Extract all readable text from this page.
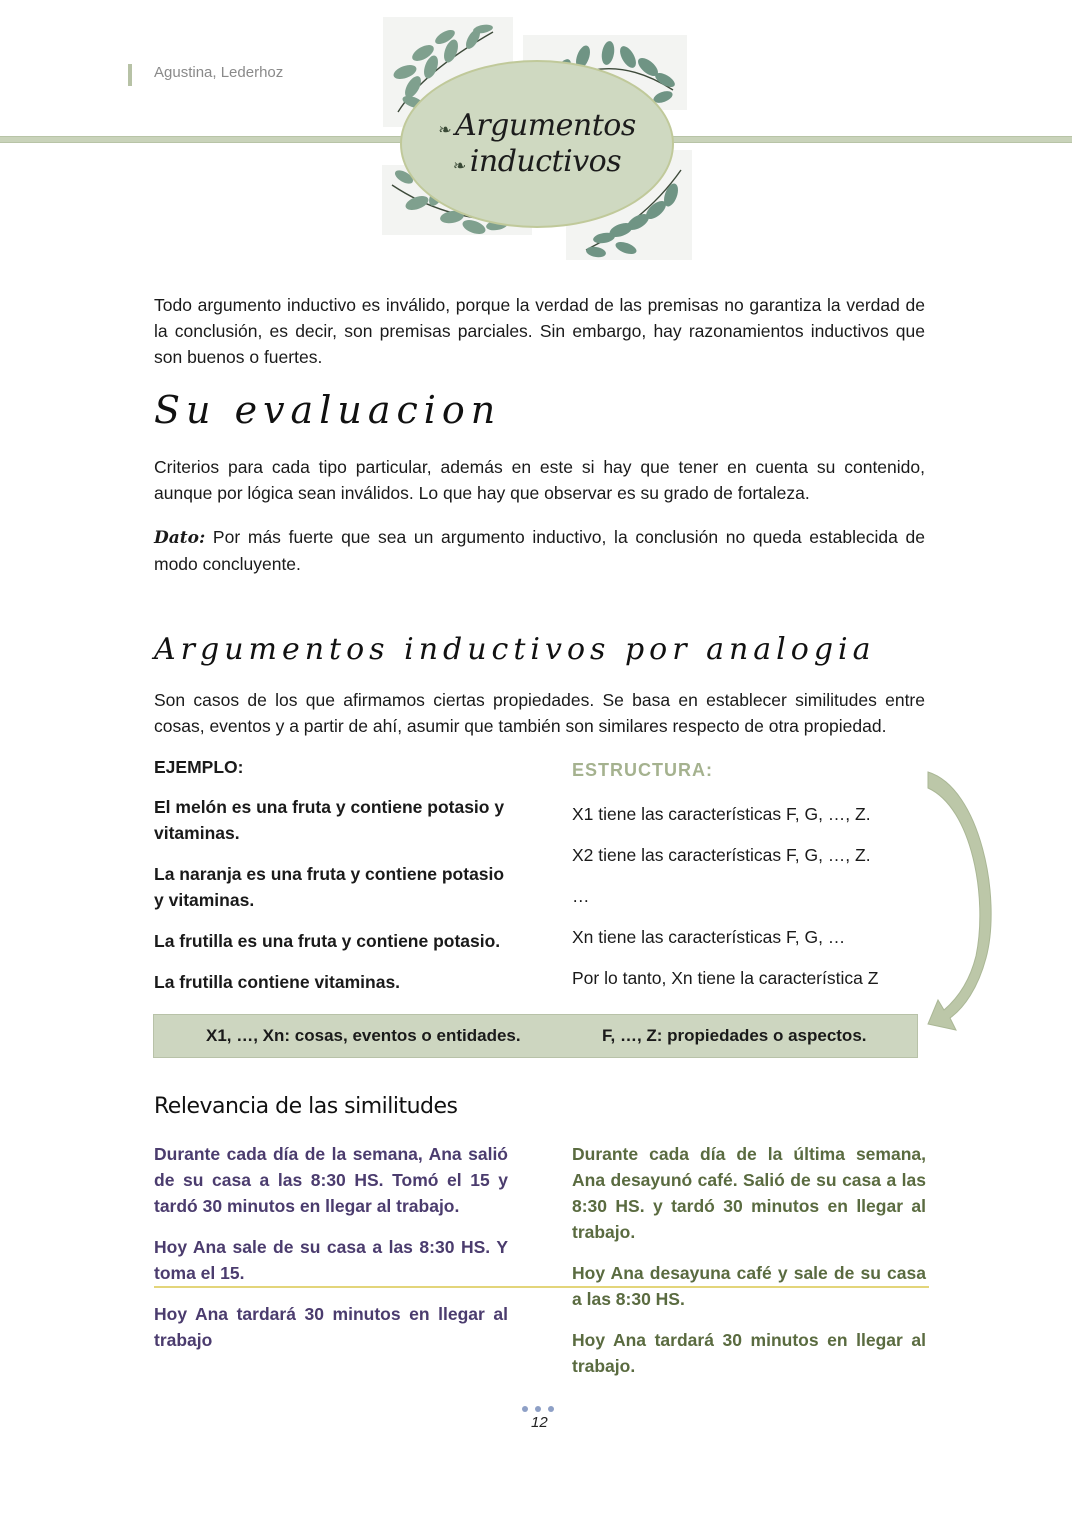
Agustina, Lederhoz
❧ Argumentos
❧ inductivos
Todo argumento inductivo es inválido, porque la verdad de las premisas no garantiza la verdad de la conclusión, es decir, son premisas parciales. Sin embargo, hay razonamientos inductivos que son buenos o fuertes.
Su evaluacion
Criterios para cada tipo particular, además en este si hay que tener en cuenta su contenido, aunque por lógica sean inválidos. Lo que hay que observar es su grado de fortaleza.
Dato: Por más fuerte que sea un argumento inductivo, la conclusión no queda establecida de modo concluyente.
Argumentos inductivos por analogia
Son casos de los que afirmamos ciertas propiedades. Se basa en establecer similitudes entre cosas, eventos y a partir de ahí, asumir que también son similares respecto de otra propiedad.
EJEMPLO:
El melón es una fruta y contiene potasio y vitaminas.
La naranja es una fruta y contiene potasio y vitaminas.
La frutilla es una fruta y contiene potasio.
La frutilla contiene vitaminas.
ESTRUCTURA:
X1 tiene las características F, G, …, Z.
X2 tiene las características F, G, …, Z.
…
Xn tiene las características F, G, …
Por lo tanto, Xn tiene la característica Z
X1, …, Xn: cosas, eventos o entidades.	F, …, Z: propiedades o aspectos.
Relevancia de las similitudes

Durante cada día de la semana, Ana salió de su casa a las 8:30 HS. Tomó el 15 y tardó 30 minutos en llegar al trabajo.

Hoy Ana sale de su casa a las 8:30 HS. Y toma el 15.

Hoy Ana tardará 30 minutos en llegar al trabajo

Durante cada día de la última semana, Ana desayunó café. Salió de su casa a las 8:30 HS. y tardó 30 minutos en llegar al trabajo.

Hoy Ana desayuna café y sale de su casa a las 8:30 HS.

Hoy Ana tardará 30 minutos en llegar al trabajo.

12
